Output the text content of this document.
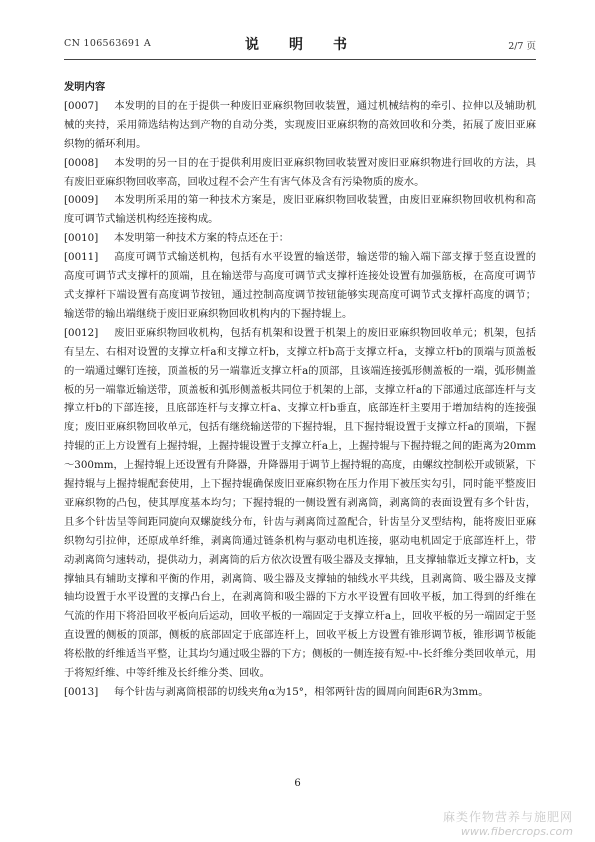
CN 106563691 A	说　明　书	2/7 页
发明内容

[0007] 本发明的目的在于提供一种废旧亚麻织物回收装置，通过机械结构的牵引、拉伸以及辅助机械的夹持，采用筛选结构达到产物的自动分类，实现废旧亚麻织物的高效回收和分类，拓展了废旧亚麻织物的循环利用。

[0008] 本发明的另一目的在于提供利用废旧亚麻织物回收装置对废旧亚麻织物进行回收的方法，具有废旧亚麻织物回收率高，回收过程不会产生有害气体及含有污染物质的废水。

[0009] 本发明所采用的第一种技术方案是，废旧亚麻织物回收装置，由废旧亚麻织物回收机构和高度可调节式输送机构经连接构成。

[0010] 本发明第一种技术方案的特点还在于：

[0011] 高度可调节式输送机构，包括有水平设置的输送带，输送带的输入端下部支撑于竖直设置的高度可调节式支撑杆的顶端，且在输送带与高度可调节式支撑杆连接处设置有加强筋板，在高度可调节式支撑杆下端设置有高度调节按钮，通过控制高度调节按钮能够实现高度可调节式支撑杆高度的调节；输送带的输出端继绕于废旧亚麻织物回收机构内的下握持辊上。

[0012] 废旧亚麻织物回收机构，包括有机架和设置于机架上的废旧亚麻织物回收单元；机架，包括有呈左、右相对设置的支撑立杆a和支撑立杆b，支撑立杆b高于支撑立杆a，支撑立杆b的顶端与顶盖板的一端通过螺钉连接，顶盖板的另一端靠近支撑立杆a的顶部，且该端连接弧形侧盖板的一端，弧形侧盖板的另一端靠近输送带，顶盖板和弧形侧盖板共同位于机架的上部，支撑立杆a的下部通过底部连杆与支撑立杆b的下部连接，且底部连杆与支撑立杆a、支撑立杆b垂直，底部连杆主要用于增加结构的连接强度；废旧亚麻织物回收单元，包括有继绕输送带的下握持辊，且下握持辊设置于支撑立杆a的顶端，下握持辊的正上方设置有上握持辊，上握持辊设置于支撑立杆a上，上握持辊与下握持辊之间的距离为20mm～300mm，上握持辊上还设置有升降器，升降器用于调节上握持辊的高度，由螺纹控制松开或锁紧，下握持辊与上握持辊配套使用，上下握持辊确保废旧亚麻织物在压力作用下被压实勾引，同时能平整废旧亚麻织物的凸包，使其厚度基本均匀；下握持辊的一侧设置有剥离筒，剥离筒的表面设置有多个针齿，且多个针齿呈等间距同旋向双螺旋线分布，针齿与剥离筒过盈配合，针齿呈分叉型结构，能将废旧亚麻织物勾引拉伸，还原成单纤维，剥离筒通过链条机构与驱动电机连接，驱动电机固定于底部连杆上，带动剥离筒匀速转动，提供动力，剥离筒的后方依次设置有吸尘器及支撑轴，且支撑轴靠近支撑立杆b，支撑轴具有辅助支撑和平衡的作用，剥离筒、吸尘器及支撑轴的轴线水平共线，且剥离筒、吸尘器及支撑轴均设置于水平设置的支撑凸台上，在剥离筒和吸尘器的下方水平设置有回收平板，加工得到的纤维在气流的作用下将沿回收平板向后运动，回收平板的一端固定于支撑立杆a上，回收平板的另一端固定于竖直设置的侧板的顶部，侧板的底部固定于底部连杆上，回收平板上方设置有锥形调节板，锥形调节板能将松散的纤维适当平整，让其均匀通过吸尘器的下方；侧板的一侧连接有短-中-长纤维分类回收单元，用于将短纤维、中等纤维及长纤维分类、回收。

[0013] 每个针齿与剥离筒根部的切线夹角α为15°，相邻两针齿的圆周向间距6R为3mm。

6
麻类作物营养与施肥网
www.fibercrops.com
